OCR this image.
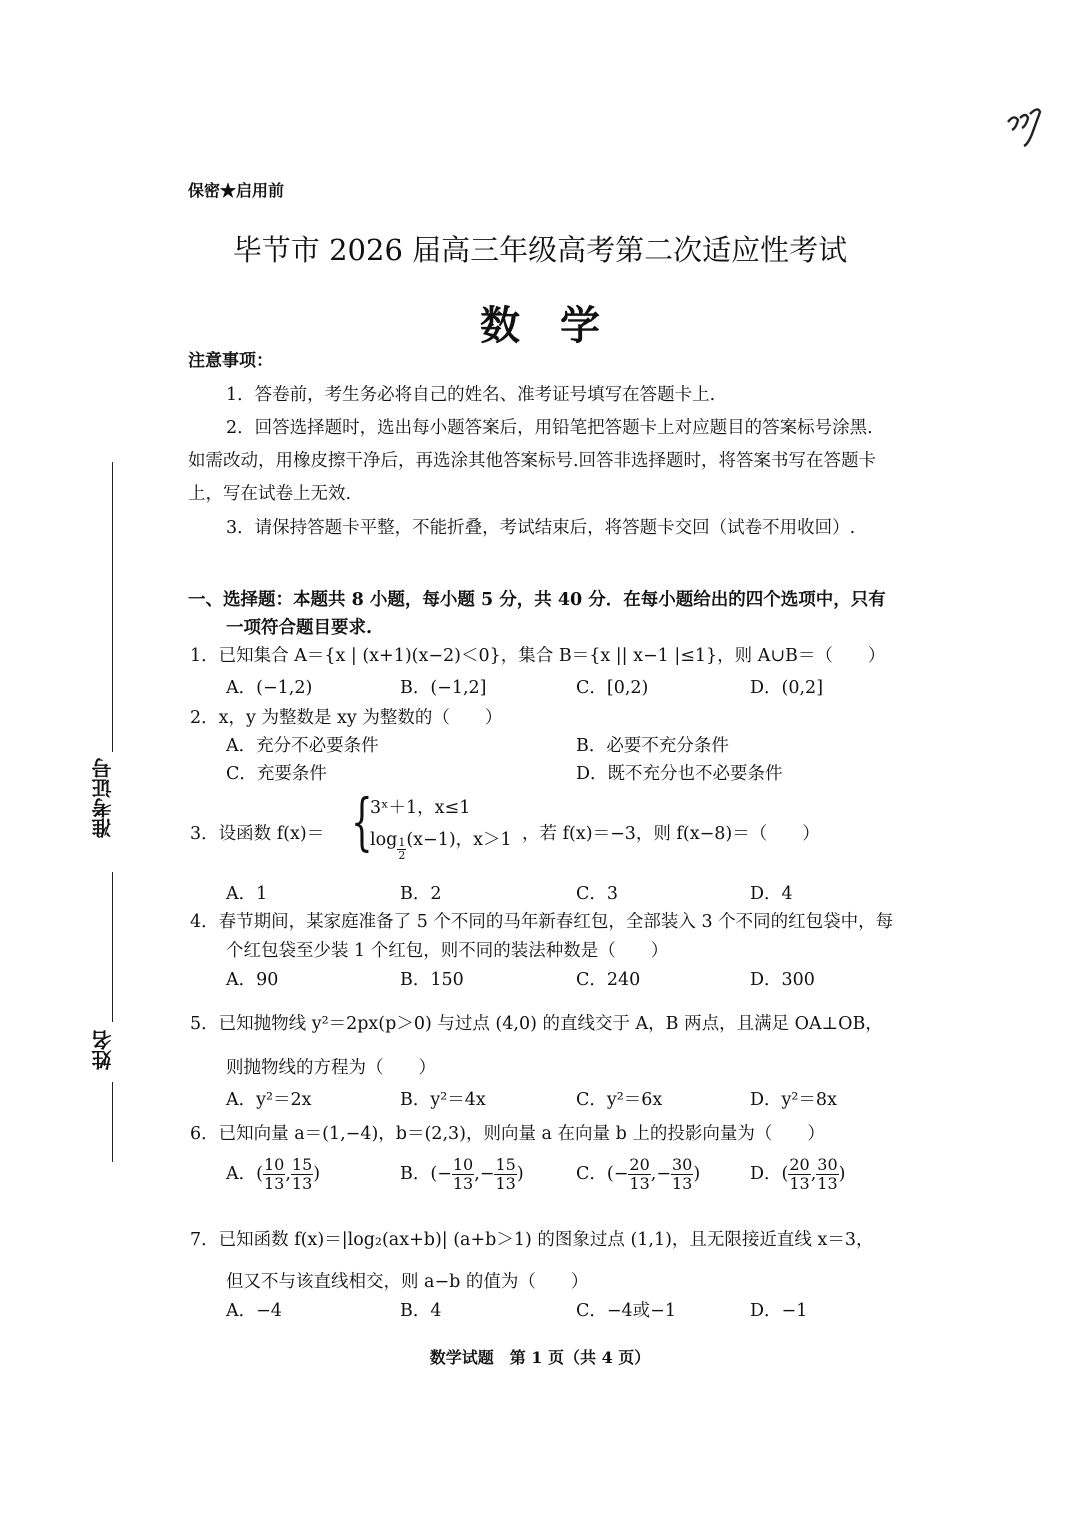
保密★启用前
毕节市 2026 届高三年级高考第二次适应性考试
数学
准考证号
姓名
注意事项：
1．答卷前，考生务必将自己的姓名、准考证号填写在答题卡上.
2．回答选择题时，选出每小题答案后，用铅笔把答题卡上对应题目的答案标号涂黑.
如需改动，用橡皮擦干净后，再选涂其他答案标号.回答非选择题时，将答案书写在答题卡
上，写在试卷上无效.
3．请保持答题卡平整，不能折叠，考试结束后，将答题卡交回（试卷不用收回）.
一、选择题：本题共 8 小题，每小题 5 分，共 40 分．在每小题给出的四个选项中，只有
一项符合题目要求.
1．已知集合 A＝{x | (x+1)(x−2)＜0}，集合 B＝{x || x−1 |≤1}，则 A∪B＝（　　）
A．(−1,2)	B．(−1,2]	C．[0,2)	D．(0,2]
2．x，y 为整数是 xy 为整数的（　　）
A．充分不必要条件	B．必要不充分条件
C．充要条件	D．既不充分也不必要条件
3．设函数 f(x)＝ {
3ˣ＋1，x≤1
$\log \frac{1}{2} (x-1)$，x＞1 ，若 f(x)＝−3，则 f(x−8)＝（　　）
A．1	B．2	C．3	D．4
4．春节期间，某家庭准备了 5 个不同的马年新春红包，全部装入 3 个不同的红包袋中，每
个红包袋至少装 1 个红包，则不同的装法种数是（　　）
A．90	B．150	C．240	D．300
5．已知抛物线 y²＝2px(p＞0) 与过点 (4,0) 的直线交于 A，B 两点，且满足 OA⊥OB，
则抛物线的方程为（　　）
A．y²＝2x	B．y²＝4x	C．y²＝6x	D．y²＝8x
6．已知向量 a＝(1,−4)，b＝(2,3)，则向量 a 在向量 b 上的投影向量为（　　）
A．( $\frac{10}{13}$ , $\frac{15}{13}$ )	B．(− $\frac{10}{13}$ ,− $\frac{15}{13}$ )	C．(− $\frac{20}{13}$ ,− $\frac{30}{13}$ )	D．( $\frac{20}{13}$ , $\frac{30}{13}$ )
7．已知函数 f(x)＝|log₂(ax+b)| (a+b＞1) 的图象过点 (1,1)，且无限接近直线 x＝3，
但又不与该直线相交，则 a−b 的值为（　　）
A．−4	B．4	C．−4或−1	D．−1
数学试题　第 1 页（共 4 页）
